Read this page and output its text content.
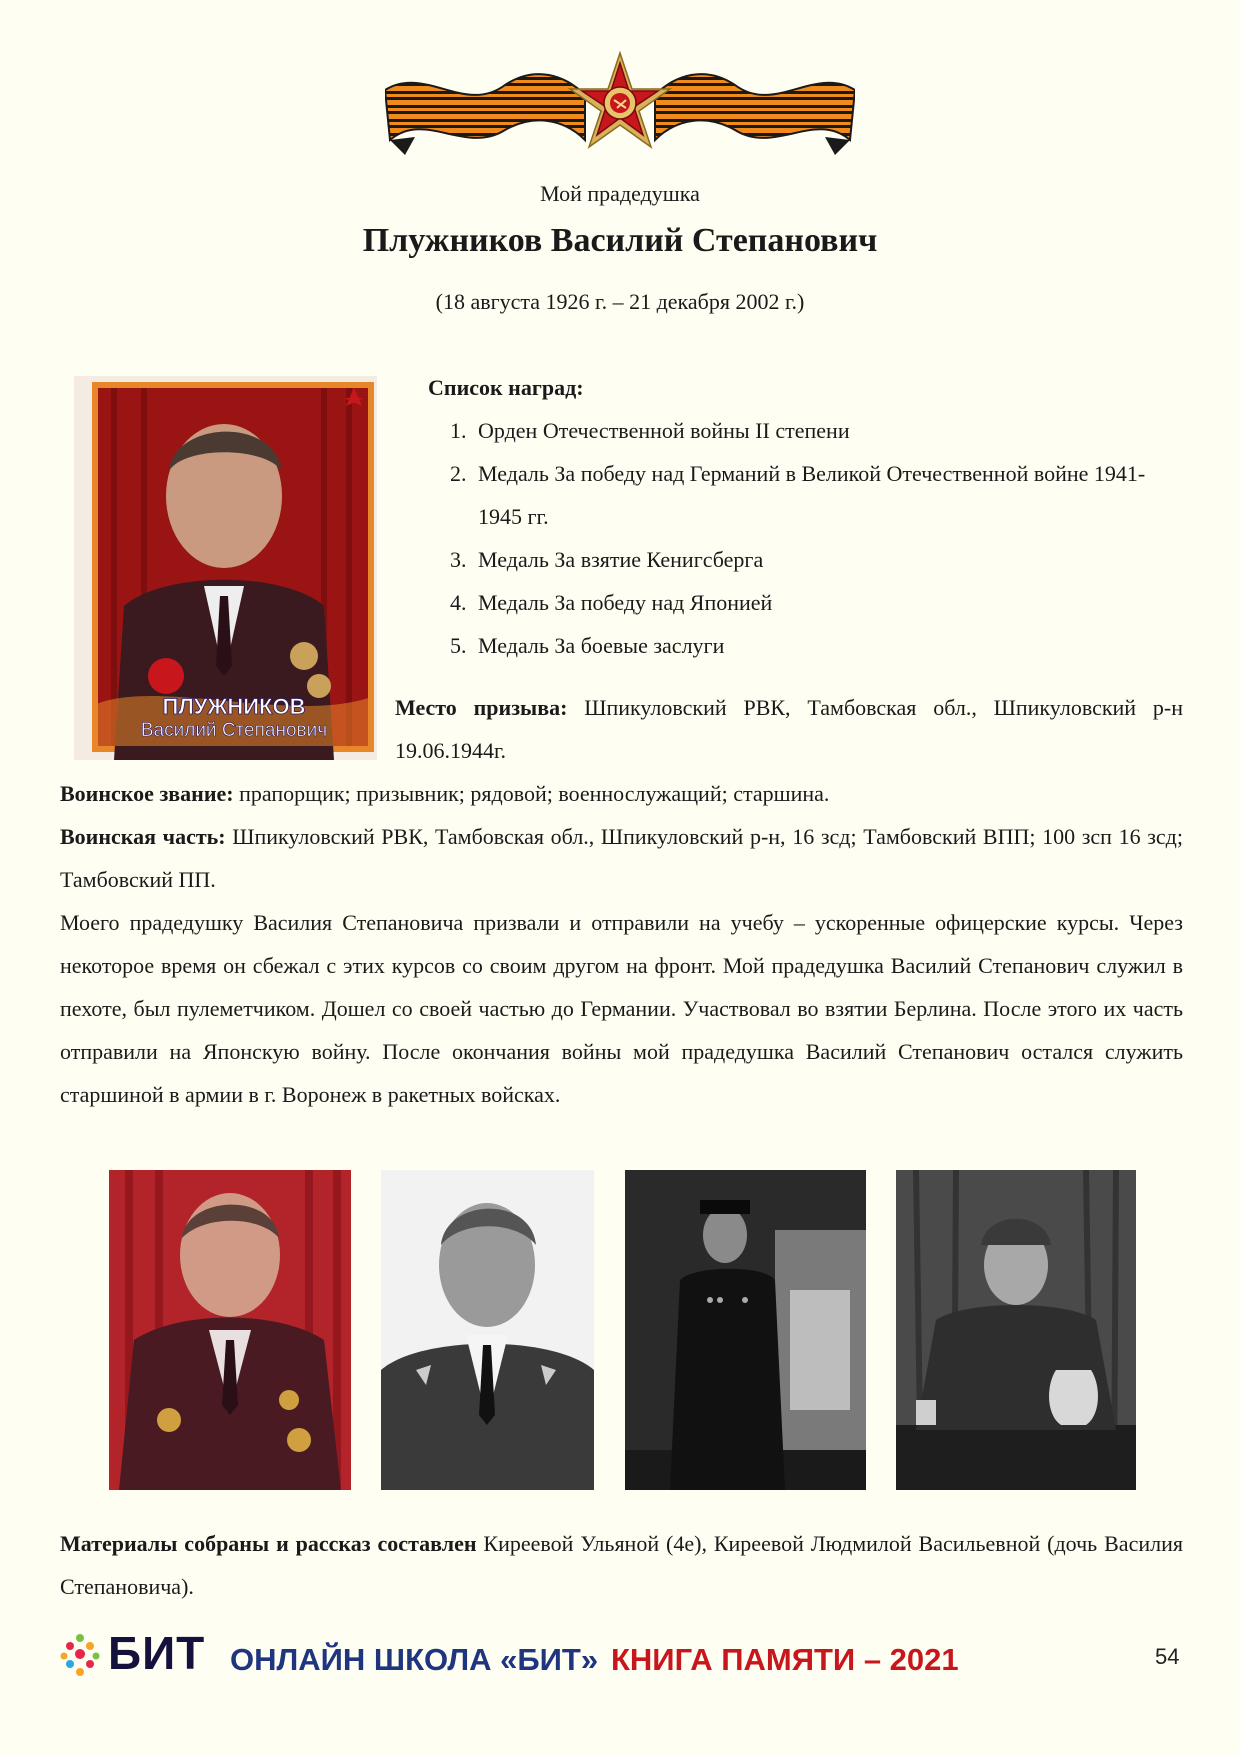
Мой прадедушка
Плужников Василий Степанович
(18 августа 1926 г. – 21 декабря 2002 г.)
ПЛУЖНИКОВ
Василий Степанович
Список наград:
1. Орден Отечественной войны II степени
2. Медаль За победу над Германий в Великой Отечественной войне 1941-1945 гг.
3. Медаль За взятие Кенигсберга
4. Медаль За победу над Японией
5. Медаль За боевые заслуги
Место призыва: Шпикуловский РВК, Тамбовская обл., Шпикуловский р-н 19.06.1944г.
Воинское звание: прапорщик; призывник; рядовой; военнослужащий; старшина.
Воинская часть: Шпикуловский РВК, Тамбовская обл., Шпикуловский р-н, 16 зсд; Тамбовский ВПП; 100 зсп 16 зсд; Тамбовский ПП.
Моего прадедушку Василия Степановича призвали и отправили на учебу – ускоренные офицерские курсы. Через некоторое время он сбежал с этих курсов со своим другом на фронт. Мой прадедушка Василий Степанович служил в пехоте, был пулеметчиком. Дошел со своей частью до Германии. Участвовал во взятии Берлина. После этого их часть отправили на Японскую войну. После окончания войны мой прадедушка Василий Степанович остался служить старшиной в армии в г. Воронеж в ракетных войсках.
Материалы собраны и рассказ составлен Киреевой Ульяной (4е), Киреевой Людмилой Васильевной (дочь Василия Степановича).
БИТ ОНЛАЙН ШКОЛА «БИТ» КНИГА ПАМЯТИ – 2021	54
